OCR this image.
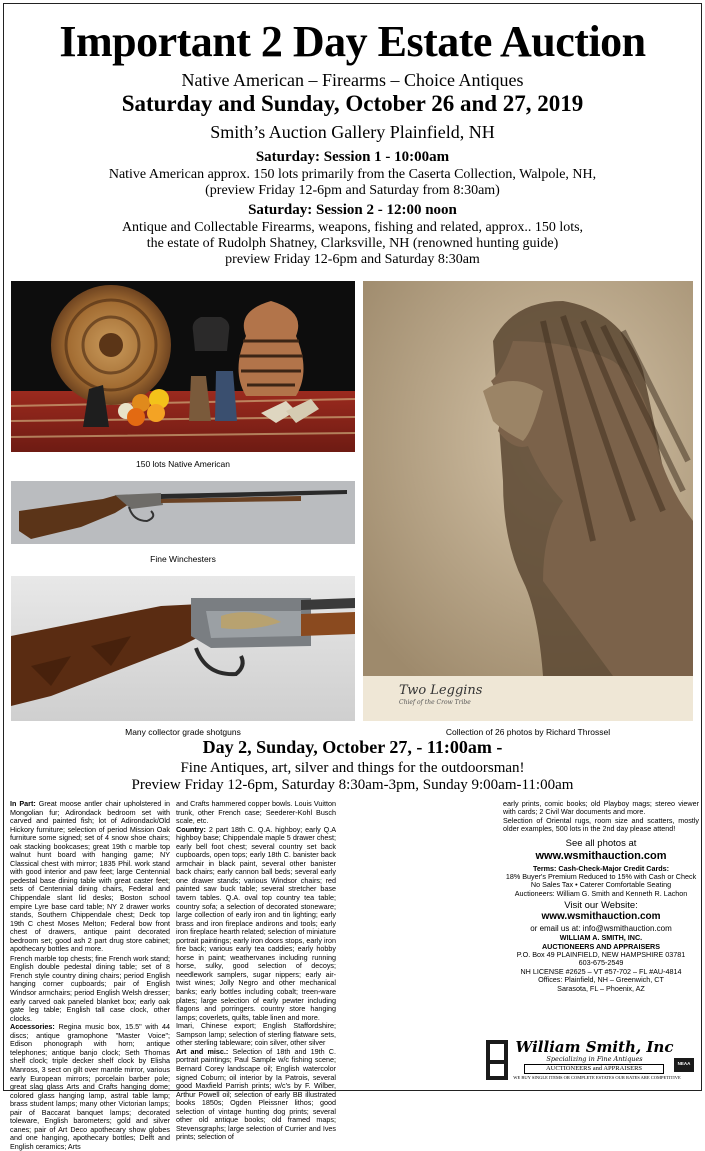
Important 2 Day Estate Auction
Native American – Firearms – Choice Antiques
Saturday and Sunday, October 26 and 27, 2019
Smith’s Auction Gallery Plainfield, NH
Saturday: Session 1 - 10:00am
Native American approx. 150 lots primarily from the Caserta Collection, Walpole, NH,
(preview Friday 12-6pm and Saturday from 8:30am)
Saturday: Session 2 - 12:00 noon
Antique and Collectable Firearms, weapons, fishing and related, approx.. 150 lots,
the estate of Rudolph Shatney, Clarksville, NH (renowned hunting guide)
preview Friday 12-6pm and Saturday 8:30am
150 lots Native American
Fine Winchesters
Many collector grade shotguns
Two Leggins
Chief of the Crow Tribe
Collection of 26 photos by Richard Throssel
Day 2, Sunday, October 27, - 11:00am -
Fine Antiques, art, silver and things for the outdoorsman!
Preview Friday 12-6pm, Saturday 8:30am-3pm, Sunday 9:00am-11:00am
In Part: Great moose antler chair upholstered in Mongolian fur; Adirondack bedroom set with carved and painted fish; lot of Adirondack/Old Hickory furniture; selection of period Mission Oak furniture some signed; set of 4 snow shoe chairs; oak stacking bookcases; great 19th c marble top walnut hunt board with hanging game; NY Classical chest with mirror; 1835 Phil. work stand with good interior and paw feet; large Centennial pedestal base dining table with great caster feet; sets of Centennial dining chairs, Federal and Chippendale slant lid desks; Boston school empire Lyre base card table; NY 2 drawer works stands, Southern Chippendale chest; Deck top 19th C chest Moses Melton; Federal bow front chest of drawers, antique paint decorated bedroom set; good ash 2 part drug store cabinet; apothecary bottles and more.
French marble top chests; fine French work stand; English double pedestal dining table; set of 8 French style country dining chairs; period English hanging corner cupboards; pair of English Windsor armchairs; period English Welsh dresser; early carved oak paneled blanket box; early oak gate leg table; English tall case clock, other clocks.
Accessories: Regina music box, 15.5" with 44 discs; antique gramophone "Master Voice"; Edison phonograph with horn; antique telephones; antique banjo clock; Seth Thomas shelf clock; triple decker shelf clock by Elisha Manross, 3 sect on gilt over mantle mirror, various early European mirrors; porcelain barber pole; great slag glass Arts and Crafts hanging dome; colored glass hanging lamp, astral table lamp; brass student lamps; many other Victorian lamps; pair of Baccarat banquet lamps; decorated toleware, English barometers; gold and silver canes; pair of Art Deco apothecary show globes and one hanging, apothecary bottles; Delft and English ceramics; Arts
and Crafts hammered copper bowls. Louis Vuitton trunk, other French case; Seederer-Kohl Busch scale, etc.
Country: 2 part 18th C. Q.A. highboy; early Q.A highboy base; Chippendale maple 5 drawer chest; early bell foot chest; several country set back cupboards, open tops; early 18th C. banister back armchair in black paint, several other banister back chairs; early cannon ball beds; several early one drawer stands; various Windsor chairs; red painted saw buck table; several stretcher base tavern tables. Q.A. oval top country tea table; country sofa; a selection of decorated stoneware; large collection of early iron and tin lighting; early brass and iron fireplace andirons and tools; early iron fireplace hearth related; selection of miniature portrait paintings; early iron doors stops, early iron fire back; various early tea caddies; early hobby horse in paint; weathervanes including running horse, sulky, good selection of decoys; needlework samplers, sugar nippers; early air-twist wines; Jolly Negro and other mechanical banks; early bottles including cobalt; treen-ware plates; large selection of early pewter including flagons and porringers. country store hanging lamps; coverlets, quilts, table linen and more.
Imari, Chinese export; English Staffordshire; Sampson lamp; selection of sterling flatware sets, other sterling tableware; coin silver, other silver
Art and misc.: Selection of 18th and 19th C. portrait paintings; Paul Sample w/c fishing scene; Bernard Corey landscape oil; English watercolor signed Coburn; oil interior by Ia Patrois, several good Maxfield Parrish prints; w/c's by F. Wilber, Arthur Powell oil; selection of early BB illustrated books 1850s; Ogden Pleissner lithos; good selection of vintage hunting dog prints; several other old antique books; old framed maps; Stevensgraphs; large selection of Currier and Ives prints; selection of
early prints, comic books; old Playboy mags; stereo viewer with cards; 2 Civil War documents and more.
Selection of Oriental rugs, room size and scatters, mostly older examples, 500 lots in the 2nd day please attend!
See all photos at
www.wsmithauction.com
Terms: Cash-Check-Major Credit Cards:
18% Buyer's Premium Reduced to 15% with Cash or Check
No Sales Tax • Caterer Comfortable Seating
Auctioneers: William G. Smith and Kenneth R. Lachon
Visit our Website:
www.wsmithauction.com
or email us at: info@wsmithauction.com
WILLIAM A. SMITH, INC.
AUCTIONEERS AND APPRAISERS
P.O. Box 49 PLAINFIELD, NEW HAMPSHIRE 03781
603-675-2549
NH LICENSE #2625 – VT #57-702 – FL #AU-4814
Offices: Plainfield, NH – Greenwich, CT
Sarasota, FL – Phoenix, AZ
William Smith, Inc
Specializing in Fine Antiques
AUCTIONEERS and APPRAISERS
NEAA
WE BUY SINGLE ITEMS OR COMPLETE ESTATES OUR RATES ARE COMPETITIVE
